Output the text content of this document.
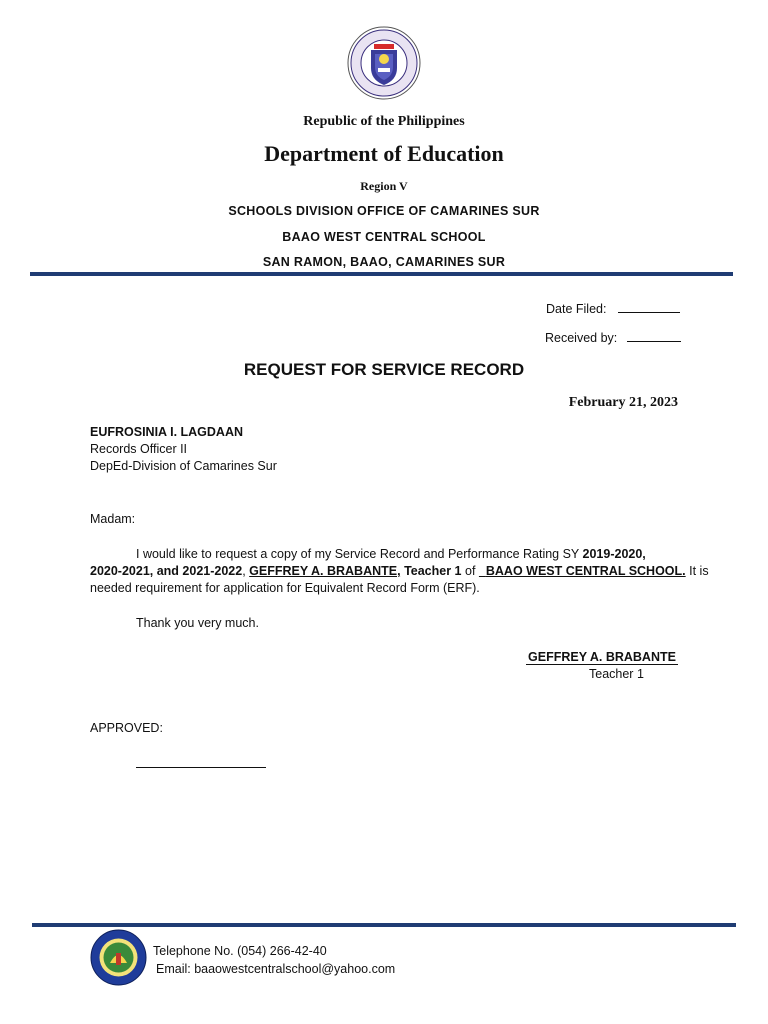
Republic of the Philippines
Department of Education
Region V
SCHOOLS DIVISION OFFICE OF CAMARINES SUR
BAAO WEST CENTRAL SCHOOL
SAN RAMON, BAAO, CAMARINES SUR
Date Filed:
Received by:
REQUEST FOR SERVICE RECORD
February 21, 2023
EUFROSINIA I. LAGDAAN
Records Officer II
DepEd-Division of Camarines Sur
Madam:
I would like to request a copy of my Service Record and Performance Rating SY 2019-2020,
2020-2021, and 2021-2022, GEFFREY A. BRABANTE, Teacher 1 of BAAO WEST CENTRAL SCHOOL. It is
needed requirement for application for Equivalent Record Form (ERF).
Thank you very much.
GEFFREY A. BRABANTE
Teacher 1
APPROVED:
Telephone No. (054) 266-42-40
Email: baaowestcentralschool@yahoo.com
